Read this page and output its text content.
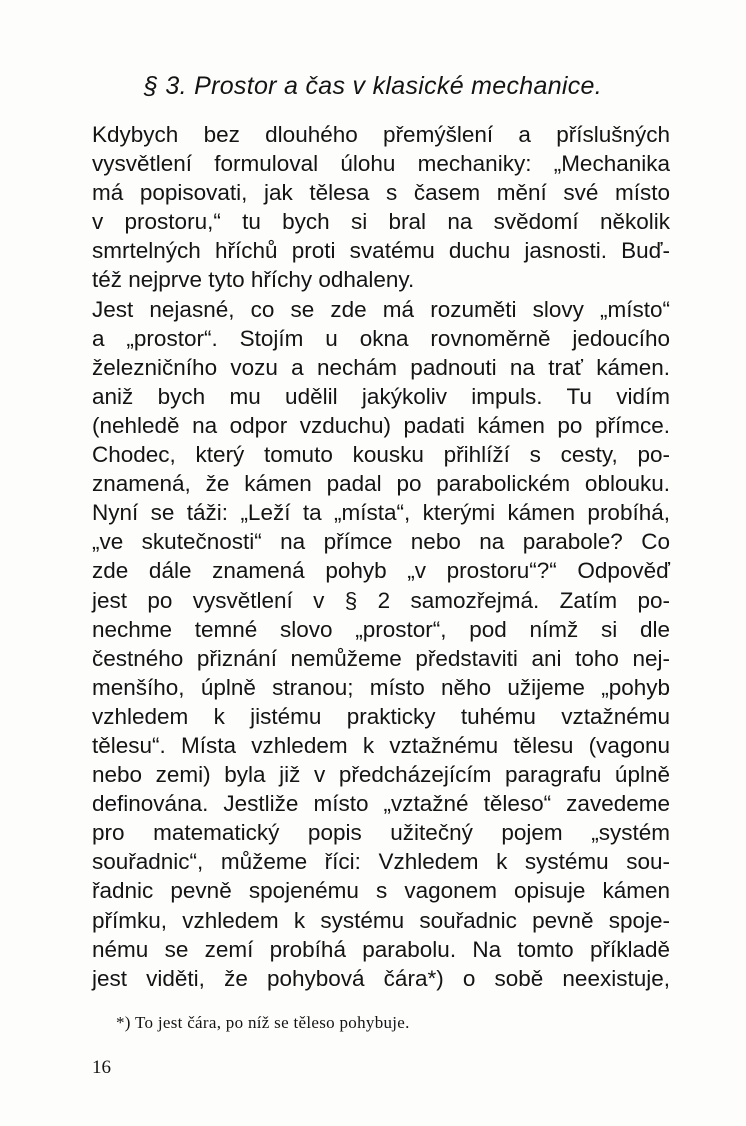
§ 3. Prostor a čas v klasické mechanice.
Kdybych bez dlouhého přemýšlení a příslušných
vysvětlení formuloval úlohu mechaniky: „Mechanika
má popisovati, jak tělesa s časem mění své místo
v prostoru,“ tu bych si bral na svědomí několik
smrtelných hříchů proti svatému duchu jasnosti. Buď-
též nejprve tyto hříchy odhaleny.
Jest nejasné, co se zde má rozuměti slovy „místo“
a „prostor“. Stojím u okna rovnoměrně jedoucího
železničního vozu a nechám padnouti na trať kámen.
aniž bych mu udělil jakýkoliv impuls. Tu vidím
(nehledě na odpor vzduchu) padati kámen po přímce.
Chodec, který tomuto kousku přihlíží s cesty, po-
znamená, že kámen padal po parabolickém oblouku.
Nyní se táži: „Leží ta „místa“, kterými kámen probíhá,
„ve skutečnosti“ na přímce nebo na parabole? Co
zde dále znamená pohyb „v prostoru“?“ Odpověď
jest po vysvětlení v § 2 samozřejmá. Zatím po-
nechme temné slovo „prostor“, pod nímž si dle
čestného přiznání nemůžeme představiti ani toho nej-
menšího, úplně stranou; místo něho užijeme „pohyb
vzhledem k jistému prakticky tuhému vztažnému
tělesu“. Místa vzhledem k vztažnému tělesu (vagonu
nebo zemi) byla již v předcházejícím paragrafu úplně
definována. Jestliže místo „vztažné těleso“ zavedeme
pro matematický popis užitečný pojem „systém
souřadnic“, můžeme říci: Vzhledem k systému sou-
řadnic pevně spojenému s vagonem opisuje kámen
přímku, vzhledem k systému souřadnic pevně spoje-
nému se zemí probíhá parabolu. Na tomto příkladě
jest viděti, že pohybová čára*) o sobě neexistuje,
*) To jest čára, po níž se těleso pohybuje.
16
